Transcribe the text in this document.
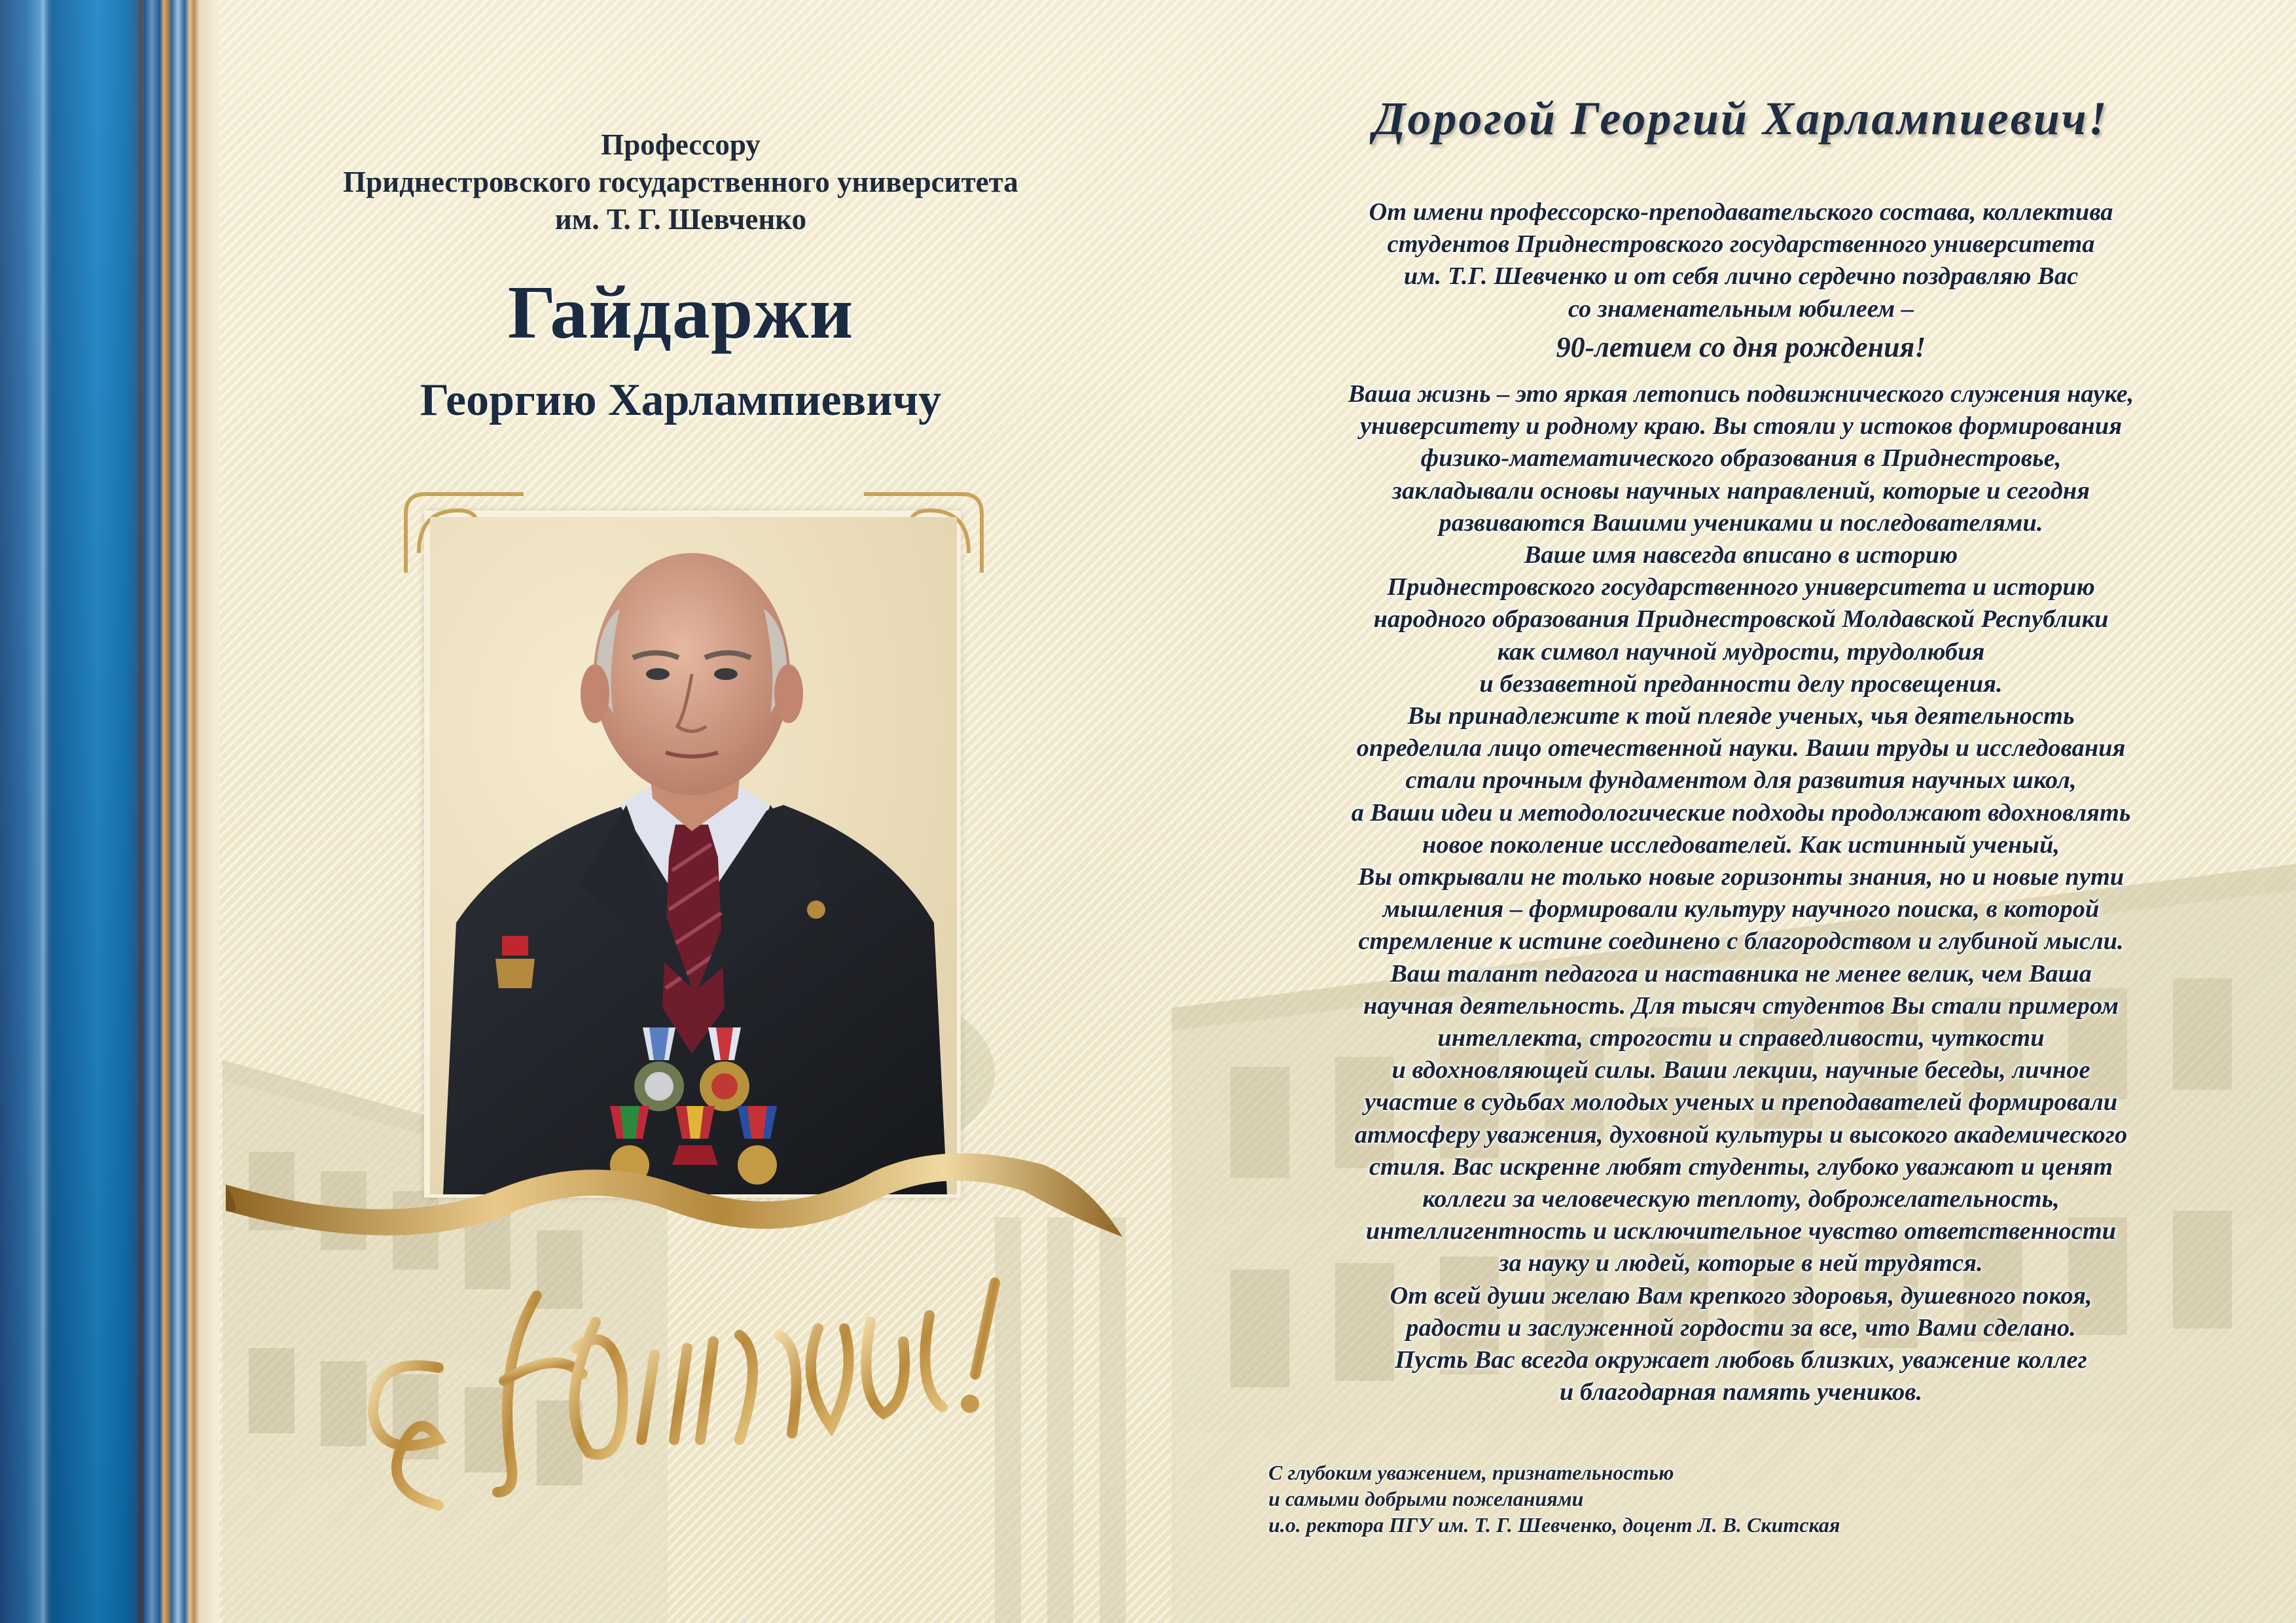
Профессору
Приднестровского государственного университета
им. Т. Г. Шевченко
Гайдаржи
Георгию Харлампиевичу
Дорогой Георгий Харлампиевич!
От имени профессорско-преподавательского состава, коллектива
студентов Приднестровского государственного университета
им. Т.Г. Шевченко и от себя лично сердечно поздравляю Вас
со знаменательным юбилеем –
90-летием со дня рождения!
Ваша жизнь – это яркая летопись подвижнического служения науке,
университету и родному краю. Вы стояли у истоков формирования
физико-математического образования в Приднестровье,
закладывали основы научных направлений, которые и сегодня
развиваются Вашими учениками и последователями.
Ваше имя навсегда вписано в историю
Приднестровского государственного университета и историю
народного образования Приднестровской Молдавской Республики
как символ научной мудрости, трудолюбия
и беззаветной преданности делу просвещения.
Вы принадлежите к той плеяде ученых, чья деятельность
определила лицо отечественной науки. Ваши труды и исследования
стали прочным фундаментом для развития научных школ,
а Ваши идеи и методологические подходы продолжают вдохновлять
новое поколение исследователей. Как истинный ученый,
Вы открывали не только новые горизонты знания, но и новые пути
мышления – формировали культуру научного поиска, в которой
стремление к истине соединено с благородством и глубиной мысли.
Ваш талант педагога и наставника не менее велик, чем Ваша
научная деятельность. Для тысяч студентов Вы стали примером
интеллекта, строгости и справедливости, чуткости
и вдохновляющей силы. Ваши лекции, научные беседы, личное
участие в судьбах молодых ученых и преподавателей формировали
атмосферу уважения, духовной культуры и высокого академического
стиля. Вас искренне любят студенты, глубоко уважают и ценят
коллеги за человеческую теплоту, доброжелательность,
интеллигентность и исключительное чувство ответственности
за науку и людей, которые в ней трудятся.
От всей души желаю Вам крепкого здоровья, душевного покоя,
радости и заслуженной гордости за все, что Вами сделано.
Пусть Вас всегда окружает любовь близких, уважение коллег
и благодарная память учеников.
С глубоким уважением, признательностью
и самыми добрыми пожеланиями
и.о. ректора ПГУ им. Т. Г. Шевченко, доцент Л. В. Скитская
